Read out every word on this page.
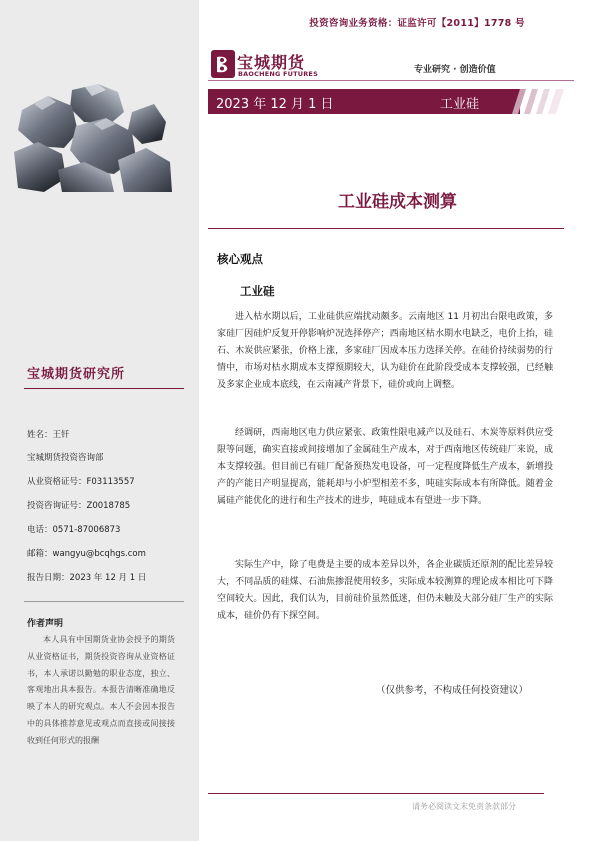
投资咨询业务资格：证监许可【2011】1778 号
宝城期货
BAOCHENG FUTURES	专业研究 · 创造价值
2023 年 12 月 1 日	工业硅
工业硅成本测算
核心观点
工业硅

进入枯水期以后，工业硅供应端扰动颇多。云南地区 11 月初出台限电政策，多家硅厂因硅炉反复开停影响炉况选择停产；西南地区枯水期水电缺乏，电价上抬，硅石、木炭供应紧张，价格上涨，多家硅厂因成本压力选择关停。在硅价持续弱势的行情中，市场对枯水期成本支撑预期较大，认为硅价在此阶段受成本支撑较强，已经触及多家企业成本底线，在云南减产背景下，硅价或向上调整。

经调研，西南地区电力供应紧张、政策性限电减产以及硅石、木炭等原料供应受限等问题，确实直接或间接增加了金属硅生产成本，对于西南地区传统硅厂来说，成本支撑较强。但目前已有硅厂配备预热发电设备，可一定程度降低生产成本，新增投产的产能日产明显提高，能耗却与小炉型相差不多，吨硅实际成本有所降低。随着金属硅产能优化的进行和生产技术的进步，吨硅成本有望进一步下降。

实际生产中，除了电费是主要的成本差异以外，各企业碳质还原剂的配比差异较大，不同品质的硅煤、石油焦掺混使用较多，实际成本较测算的理论成本相比可下降空间较大。因此，我们认为，目前硅价虽然低迷，但仍未触及大部分硅厂生产的实际成本，硅价仍有下探空间。

（仅供参考，不构成任何投资建议）
请务必阅读文末免责条款部分
宝城期货研究所
姓名：王钎
宝城期货投资咨询部
从业资格证号：F03113557
投资咨询证号：Z0018785
电话：0571-87006873
邮箱：wangyu@bcqhgs.com
报告日期：2023 年 12 月 1 日
作者声明

本人具有中国期货业协会授予的期货从业资格证书，期货投资咨询从业资格证书，本人承诺以勤勉的职业态度，独立、客观地出具本报告。本报告清晰准确地反映了本人的研究观点。本人不会因本报告中的具体推荐意见或观点而直接或间接接收到任何形式的报酬
